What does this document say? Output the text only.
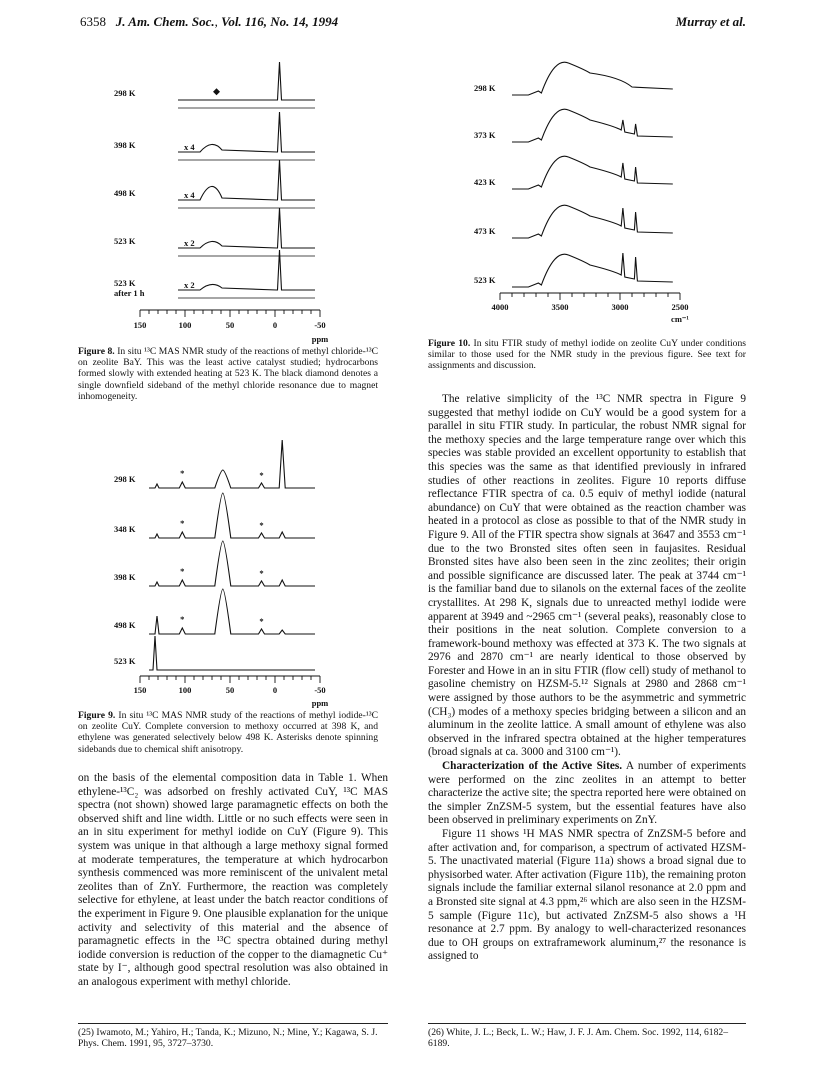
6358 J. Am. Chem. Soc., Vol. 116, No. 14, 1994	Murray et al.
298 K	◆
398 K	x 4
498 K	x 4
523 K	x 2
523 K
after 1 h
x 2
150	100	50	0	-50
ppm
Figure 8. In situ ¹³C MAS NMR study of the reactions of methyl chloride-¹³C on zeolite BaY. This was the least active catalyst studied; hydrocarbons formed slowly with extended heating at 523 K. The black diamond denotes a single downfield sideband of the methyl chloride resonance due to magnet inhomogeneity.
298 K
*	*
348 K
*	*
398 K
*	*
498 K
*	*
523 K
150	100	50	0	-50
ppm
Figure 9. In situ ¹³C MAS NMR study of the reactions of methyl iodide-¹³C on zeolite CuY. Complete conversion to methoxy occurred at 398 K, and ethylene was generated selectively below 498 K. Asterisks denote spinning sidebands due to chemical shift anisotropy.
298 K
373 K
423 K
473 K
523 K
4000	3500	3000	2500
cm⁻¹
Figure 10. In situ FTIR study of methyl iodide on zeolite CuY under conditions similar to those used for the NMR study in the previous figure. See text for assignments and discussion.

on the basis of the elemental composition data in Table 1. When ethylene-¹³C₂ was adsorbed on freshly activated CuY, ¹³C MAS spectra (not shown) showed large paramagnetic effects on both the observed shift and line width. Little or no such effects were seen in an in situ experiment for methyl iodide on CuY (Figure 9). This system was unique in that although a large methoxy signal formed at moderate temperatures, the temperature at which hydrocarbon synthesis commenced was more reminiscent of the univalent metal zeolites than of ZnY. Furthermore, the reaction was completely selective for ethylene, at least under the batch reactor conditions of the experiment in Figure 9. One plausible explanation for the unique activity and selectivity of this material and the absence of paramagnetic effects in the ¹³C spectra obtained during methyl iodide conversion is reduction of the copper to the diamagnetic Cu⁺ state by I⁻, although good spectral resolution was also obtained in an analogous experiment with methyl chloride.

The relative simplicity of the ¹³C NMR spectra in Figure 9 suggested that methyl iodide on CuY would be a good system for a parallel in situ FTIR study. In particular, the robust NMR signal for the methoxy species and the large temperature range over which this species was stable provided an excellent opportunity to establish that this species was the same as that identified previously in infrared studies of other reactions in zeolites. Figure 10 reports diffuse reflectance FTIR spectra of ca. 0.5 equiv of methyl iodide (natural abundance) on CuY that were obtained as the reaction chamber was heated in a protocol as close as possible to that of the NMR study in Figure 9. All of the FTIR spectra show signals at 3647 and 3553 cm⁻¹ due to the two Bronsted sites often seen in faujasites. Residual Bronsted sites have also been seen in the zinc zeolites; their origin and possible significance are discussed later. The peak at 3744 cm⁻¹ is the familiar band due to silanols on the external faces of the zeolite crystallites. At 298 K, signals due to unreacted methyl iodide were apparent at 3949 and ~2965 cm⁻¹ (several peaks), reasonably close to their positions in the neat solution. Complete conversion to a framework-bound methoxy was effected at 373 K. The two signals at 2976 and 2870 cm⁻¹ are nearly identical to those observed by Forester and Howe in an in situ FTIR (flow cell) study of methanol to gasoline chemistry on HZSM-5.¹² Signals at 2980 and 2868 cm⁻¹ were assigned by those authors to be the asymmetric and symmetric (CH₃) modes of a methoxy species bridging between a silicon and an aluminum in the zeolite lattice. A small amount of ethylene was also observed in the infrared spectra obtained at the higher temperatures (broad signals at ca. 3000 and 3100 cm⁻¹).

Characterization of the Active Sites. A number of experiments were performed on the zinc zeolites in an attempt to better characterize the active site; the spectra reported here were obtained on the simpler ZnZSM-5 system, but the essential features have also been observed in preliminary experiments on ZnY.

Figure 11 shows ¹H MAS NMR spectra of ZnZSM-5 before and after activation and, for comparison, a spectrum of activated HZSM-5. The unactivated material (Figure 11a) shows a broad signal due to physisorbed water. After activation (Figure 11b), the remaining proton signals include the familiar external silanol resonance at 2.0 ppm and a Bronsted site signal at 4.3 ppm,²⁶ which are also seen in the HZSM-5 sample (Figure 11c), but activated ZnZSM-5 also shows a ¹H resonance at 2.7 ppm. By analogy to well-characterized resonances due to OH groups on extraframework aluminum,²⁷ the resonance is assigned to

(25) Iwamoto, M.; Yahiro, H.; Tanda, K.; Mizuno, N.; Mine, Y.; Kagawa, S. J. Phys. Chem. 1991, 95, 3727–3730.
(26) White, J. L.; Beck, L. W.; Haw, J. F. J. Am. Chem. Soc. 1992, 114, 6182–6189.
